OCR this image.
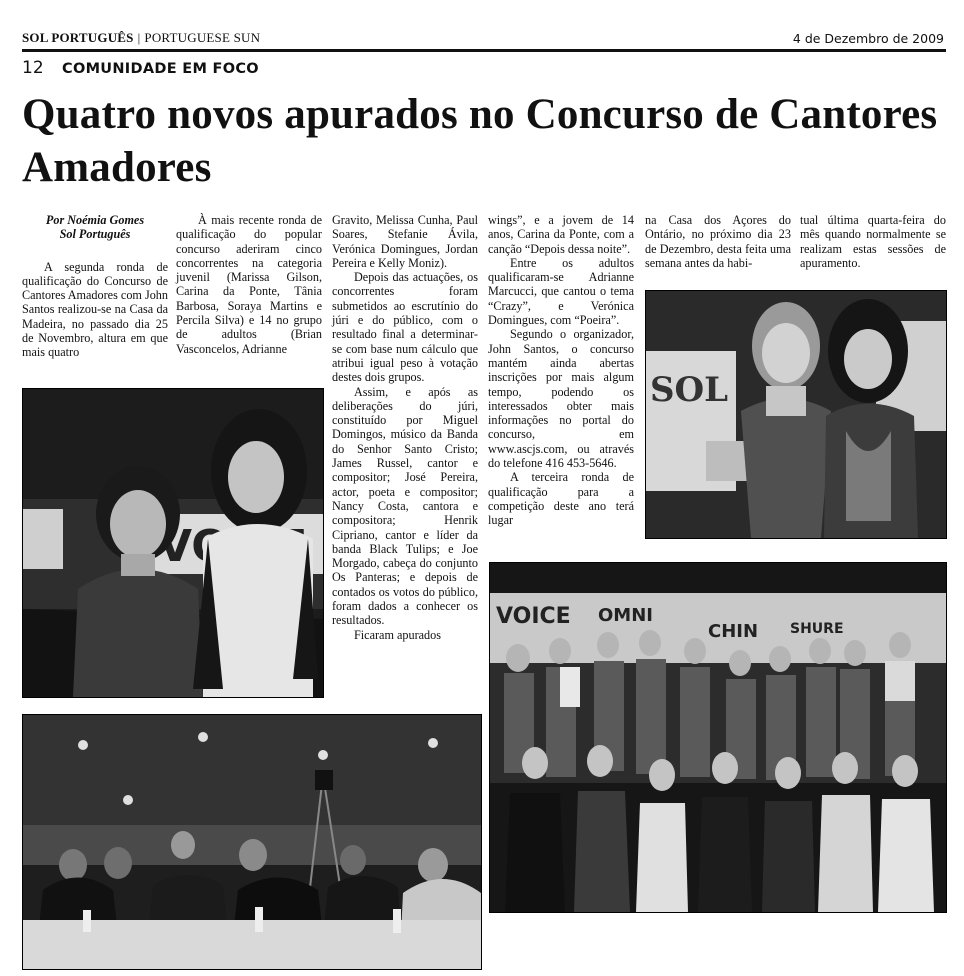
SOL PORTUGUÊS | PORTUGUESE SUN	4 de Dezembro de 2009
12 COMUNIDADE EM FOCO
Quatro novos apurados no Concurso de Cantores Amadores

Por Noémia Gomes

Sol Português

A segunda ronda de qualificação do Concurso de Cantores Amadores com John Santos realizou-se na Casa da Madeira, no passado dia 25 de Novembro, altura em que mais quatro

À mais recente ronda de qualificação do popular concurso aderiram cinco concorrentes na categoria juvenil (Marissa Gilson, Carina da Ponte, Tânia Barbosa, Soraya Martins e Percila Silva) e 14 no grupo de adultos (Brian Vasconcelos, Adrianne

Gravito, Melissa Cunha, Paul Soares, Stefanie Ávila, Verónica Domingues, Jordan Pereira e Kelly Moniz).

Depois das actuações, os concorrentes foram submetidos ao escrutínio do júri e do público, com o resultado final a determinar-se com base num cálculo que atribui igual peso à votação destes dois grupos.

Assim, e após as deliberações do júri, constituído por Miguel Domingos, músico da Banda do Senhor Santo Cristo; James Russel, cantor e compositor; José Pereira, actor, poeta e compositor; Nancy Costa, cantora e compositora; Henrik Cipriano, cantor e líder da banda Black Tulips; e Joe Morgado, cabeça do conjunto Os Panteras; e depois de contados os votos do público, foram dados a conhecer os resultados.

Ficaram apurados

wings”, e a jovem de 14 anos, Carina da Ponte, com a canção “Depois dessa noite”.

Entre os adultos qualificaram-se Adrianne Marcucci, que cantou o tema “Crazy”, e Verónica Domingues, com “Poeira”.

Segundo o organizador, John Santos, o concurso mantém ainda abertas inscrições por mais algum tempo, podendo os interessados obter mais informações no portal do concurso, em www.ascjs.com, ou através do telefone 416 453-5646.

A terceira ronda de qualificação para a competição deste ano terá lugar

na Casa dos Açores do Ontário, no próximo dia 23 de Dezembro, desta feita uma semana antes da habi-

tual última quarta-feira do mês quando normalmente se realizam estas sessões de apuramento.

SOL
VOICE OMNI
CHIN SHURE
